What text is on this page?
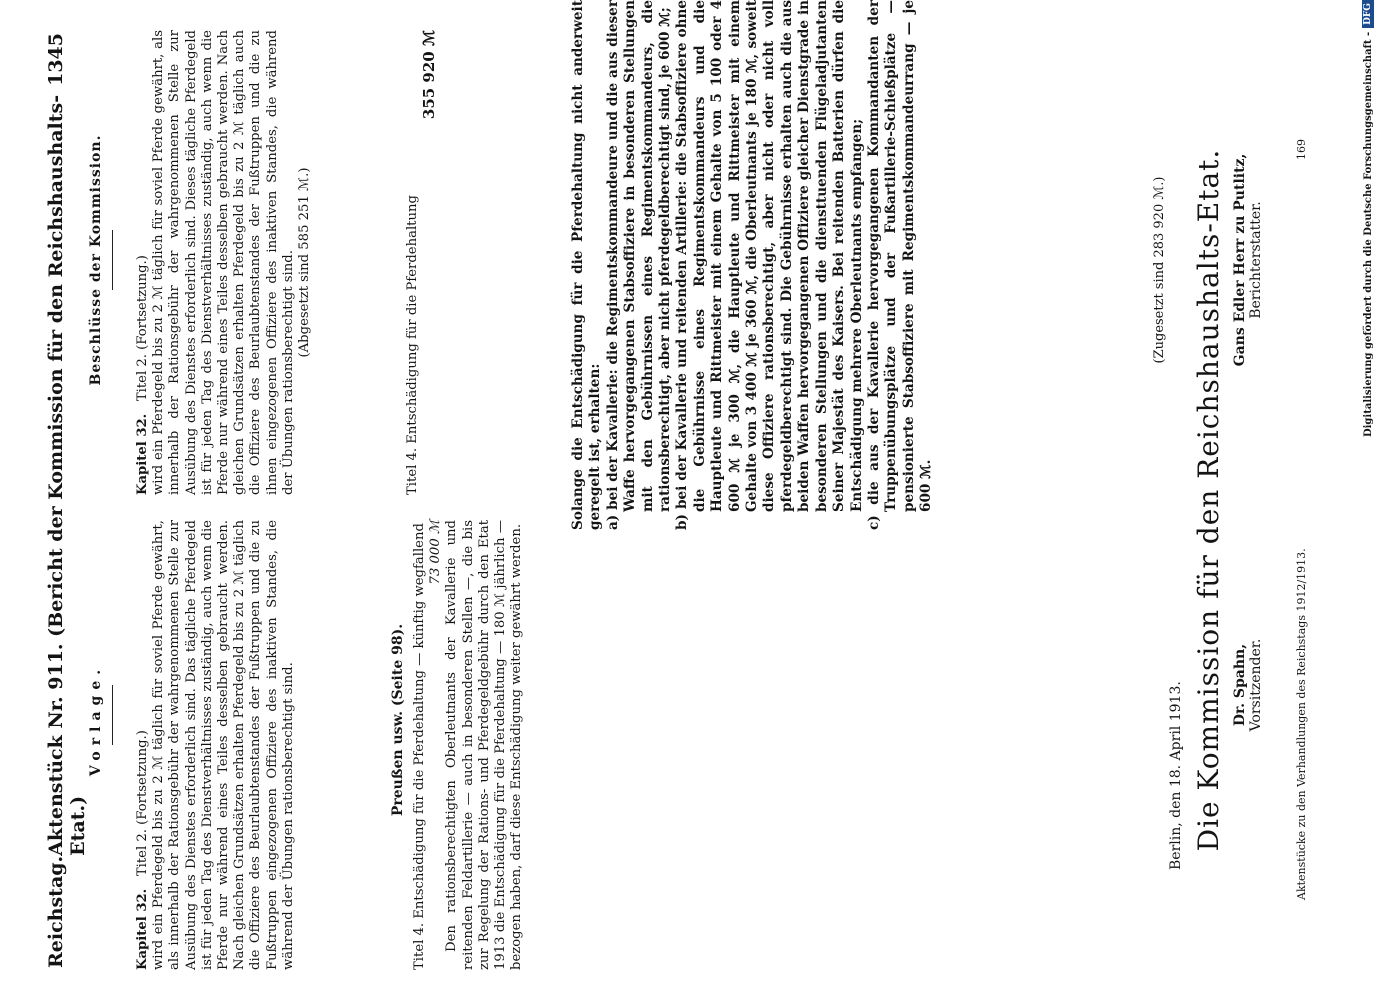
Reichstag.
Aktenstück Nr. 911. (Bericht der Kommission für den Reichshaushalts-Etat.)
1345
Vorlage.

Kapitel 32.   Titel 2. (Fortsetzung.) wird ein Pferdegeld bis zu 2 ℳ täglich für soviel Pferde gewährt, als innerhalb der Rationsgebühr der wahrgenommenen Stelle zur Ausübung des Dienstes erforderlich sind. Das tägliche Pferdegeld ist für jeden Tag des Dienstverhältnisses zuständig, auch wenn die Pferde nur während eines Teiles desselben gebraucht werden. Nach gleichen Grundsätzen erhalten Pferdegeld bis zu 2 ℳ täglich die Offiziere des Beurlaubtenstandes der Fußtruppen und die zu Fußtruppen eingezogenen Offiziere des inaktiven Standes, die während der Übungen rationsberechtigt sind.	Preußen usw. (Seite 98). Titel 4. Entschädigung für die Pferdehaltung — künftig wegfallend 73 000 ℳ Den rationsberechtigten Oberleutnants der Kavallerie und reitenden Feldartillerie — auch in besonderen Stellen —, die bis zur Regelung der Rations- und Pferdegeldgebühr durch den Etat 1913 die Entschädigung für die Pferdehaltung — 180 ℳ jährlich — bezogen haben, darf diese Entschädigung weiter gewährt werden.

Beschlüsse der Kommission.

Kapitel 32.   Titel 2. (Fortsetzung.) wird ein Pferdegeld bis zu 2 ℳ täglich für soviel Pferde gewährt, als innerhalb der Rationsgebühr der wahrgenommenen Stelle zur Ausübung des Dienstes erforderlich sind. Dieses tägliche Pferdegeld ist für jeden Tag des Dienstverhältnisses zuständig, auch wenn die Pferde nur während eines Teiles desselben gebraucht werden. Nach gleichen Grundsätzen erhalten Pferdegeld bis zu 2 ℳ täglich auch die Offiziere des Beurlaubtenstandes der Fußtruppen und die zu ihnen eingezogenen Offiziere des inaktiven Standes, die während der Übungen rationsberechtigt sind. (Abgesetzt sind 585 251 ℳ.)	Titel 4. Entschädigung für die Pferdehaltung

355 920 ℳ	Solange die Entschädigung für die Pferdehaltung nicht anderweit geregelt ist, erhalten: a) bei der Kavallerie: die Regimentskommandeure und die aus dieser Waffe hervorgegangenen Stabsoffiziere in besonderen Stellungen mit den Gebührnissen eines Regimentskommandeurs, die rationsberechtigt, aber nicht pferdegeldberechtigt sind, je 600 ℳ; b) bei der Kavallerie und reitenden Artillerie: die Stabsoffiziere ohne die Gebührnisse eines Regimentskommandeurs und die Hauptleute und Rittmeister mit einem Gehalte von 5 100 oder 4 600 ℳ je 300 ℳ, die Hauptleute und Rittmeister mit einem Gehalte von 3 400 ℳ je 360 ℳ, die Oberleutnants je 180 ℳ, soweit diese Offiziere rationsberechtigt, aber nicht oder nicht voll pferdegeldberechtigt sind. Die Gebührnisse erhalten auch die aus beiden Waffen hervorgegangenen Offiziere gleicher Dienstgrade in besonderen Stellungen und die diensttuenden Flügeladjutanten Seiner Majestät des Kaisers. Bei reitenden Batterien dürfen die Entschädigung mehrere Oberleutnants empfangen; c) die aus der Kavallerie hervorgegangenen Kommandanten der Truppenübungsplätze und der Fußartillerie-Schießplätze — pensionierte Stabsoffiziere mit Regimentskommandeurrang — je 600 ℳ.

(Zugesetzt sind 283 920 ℳ.)
Berlin, den 18. April 1913. Die Kommission für den Reichshaushalts-Etat. Dr. Spahn, Vorsitzender.
Gans Edler Herr zu Putlitz, Berichterstatter.
Aktenstücke zu den Verhandlungen des Reichstags 1912/1913.
169	Digitalisierung gefördert durch die Deutsche Forschungsgemeinschaft -
DFG
